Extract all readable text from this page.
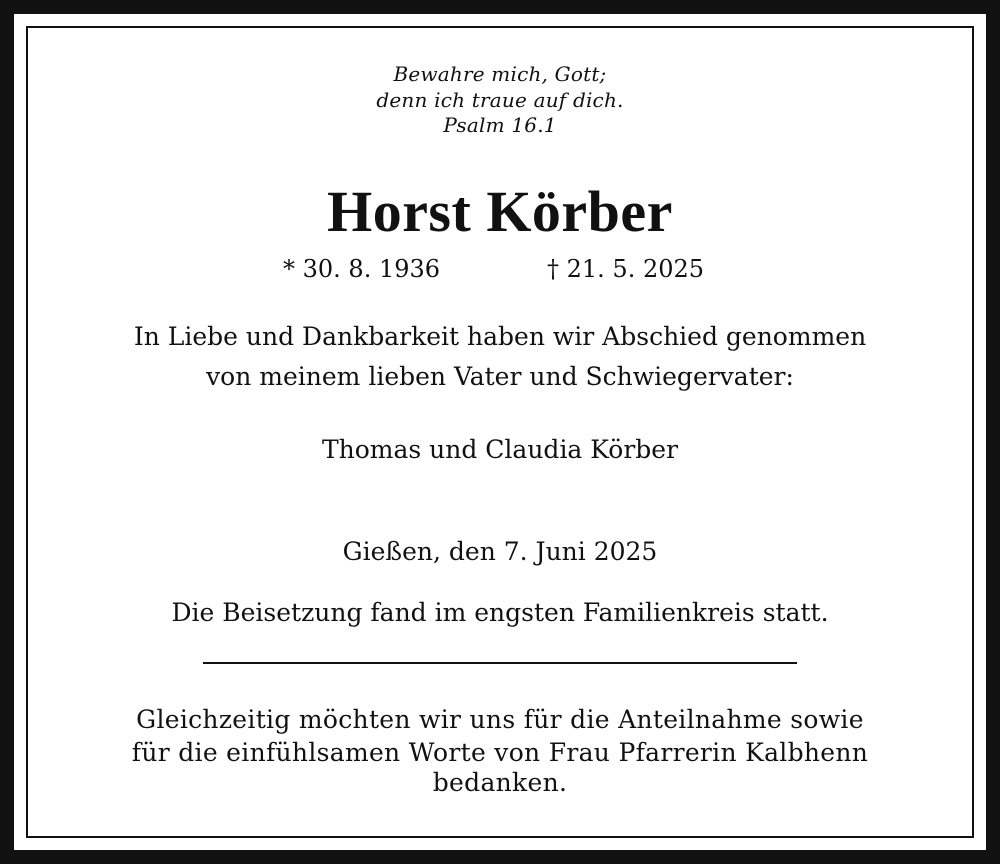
Bewahre mich, Gott;
denn ich traue auf dich.
Psalm 16.1
Horst Körber
* 30. 8. 1936	† 21. 5. 2025
In Liebe und Dankbarkeit haben wir Abschied genommen
von meinem lieben Vater und Schwiegervater:
Thomas und Claudia Körber
Gießen, den 7. Juni 2025
Die Beisetzung fand im engsten Familienkreis statt.
Gleichzeitig möchten wir uns für die Anteilnahme sowie
für die einfühlsamen Worte von Frau Pfarrerin Kalbhenn
bedanken.
